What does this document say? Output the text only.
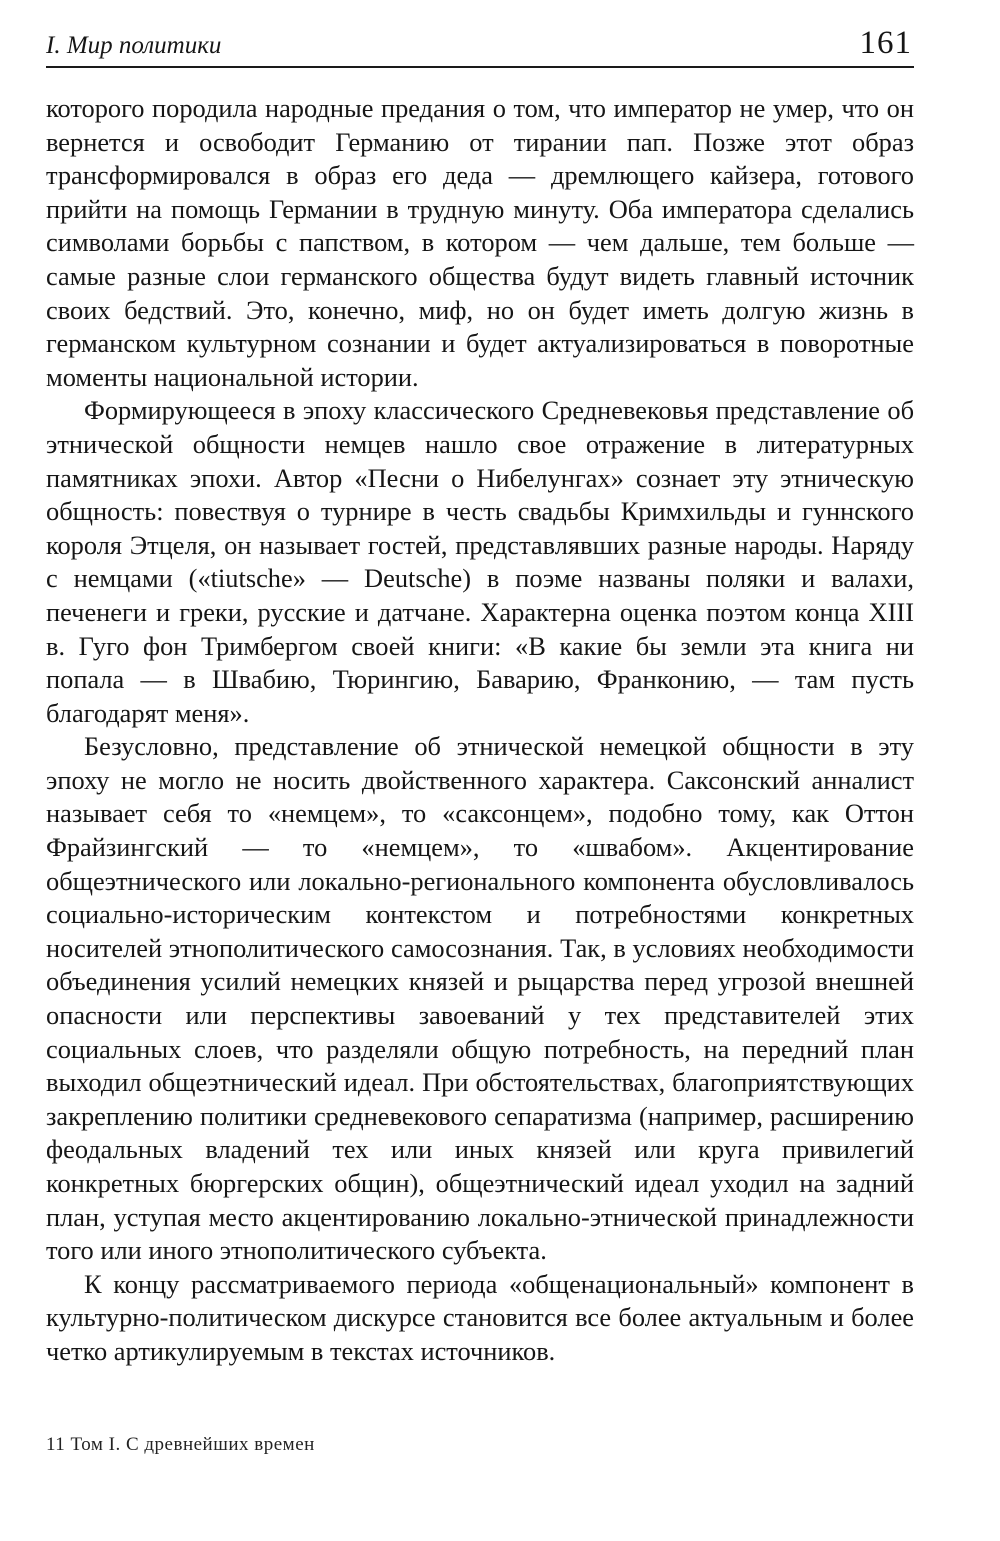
I. Мир политики	161

которого породила народные предания о том, что император не умер, что он вернется и освободит Германию от тирании пап. Позже этот образ трансформировался в образ его деда — дремлющего кайзера, готового прийти на помощь Германии в трудную минуту. Оба императора сделались символами борьбы с папством, в котором — чем дальше, тем больше — самые разные слои германского общества будут видеть главный источник своих бедствий. Это, конечно, миф, но он будет иметь долгую жизнь в германском культурном сознании и будет актуализироваться в поворотные моменты национальной истории.

Формирующееся в эпоху классического Средневековья представление об этнической общности немцев нашло свое отражение в литературных памятниках эпохи. Автор «Песни о Нибелунгах» сознает эту этническую общность: повествуя о турнире в честь свадьбы Кримхильды и гуннского короля Этцеля, он называет гостей, представлявших разные народы. Наряду с немцами («tiutsche» — Deutsche) в поэме названы поляки и валахи, печенеги и греки, русские и датчане. Характерна оценка поэтом конца XIII в. Гуго фон Тримбергом своей книги: «В какие бы земли эта книга ни попала — в Швабию, Тюрингию, Баварию, Франконию, — там пусть благодарят меня».

Безусловно, представление об этнической немецкой общности в эту эпоху не могло не носить двойственного характера. Саксонский анналист называет себя то «немцем», то «саксонцем», подобно тому, как Оттон Фрайзингский — то «немцем», то «швабом». Акцентирование общеэтнического или локально-регионального компонента обусловливалось социально-историческим контекстом и потребностями конкретных носителей этнополитического самосознания. Так, в условиях необходимости объединения усилий немецких князей и рыцарства перед угрозой внешней опасности или перспективы завоеваний у тех представителей этих социальных слоев, что разделяли общую потребность, на передний план выходил общеэтнический идеал. При обстоятельствах, благоприятствующих закреплению политики средневекового сепаратизма (например, расширению феодальных владений тех или иных князей или круга привилегий конкретных бюргерских общин), общеэтнический идеал уходил на задний план, уступая место акцентированию локально-этнической принадлежности того или иного этнополитического субъекта.

К концу рассматриваемого периода «общенациональный» компонент в культурно-политическом дискурсе становится все более актуальным и более четко артикулируемым в текстах источников.

11 Том I. С древнейших времен
